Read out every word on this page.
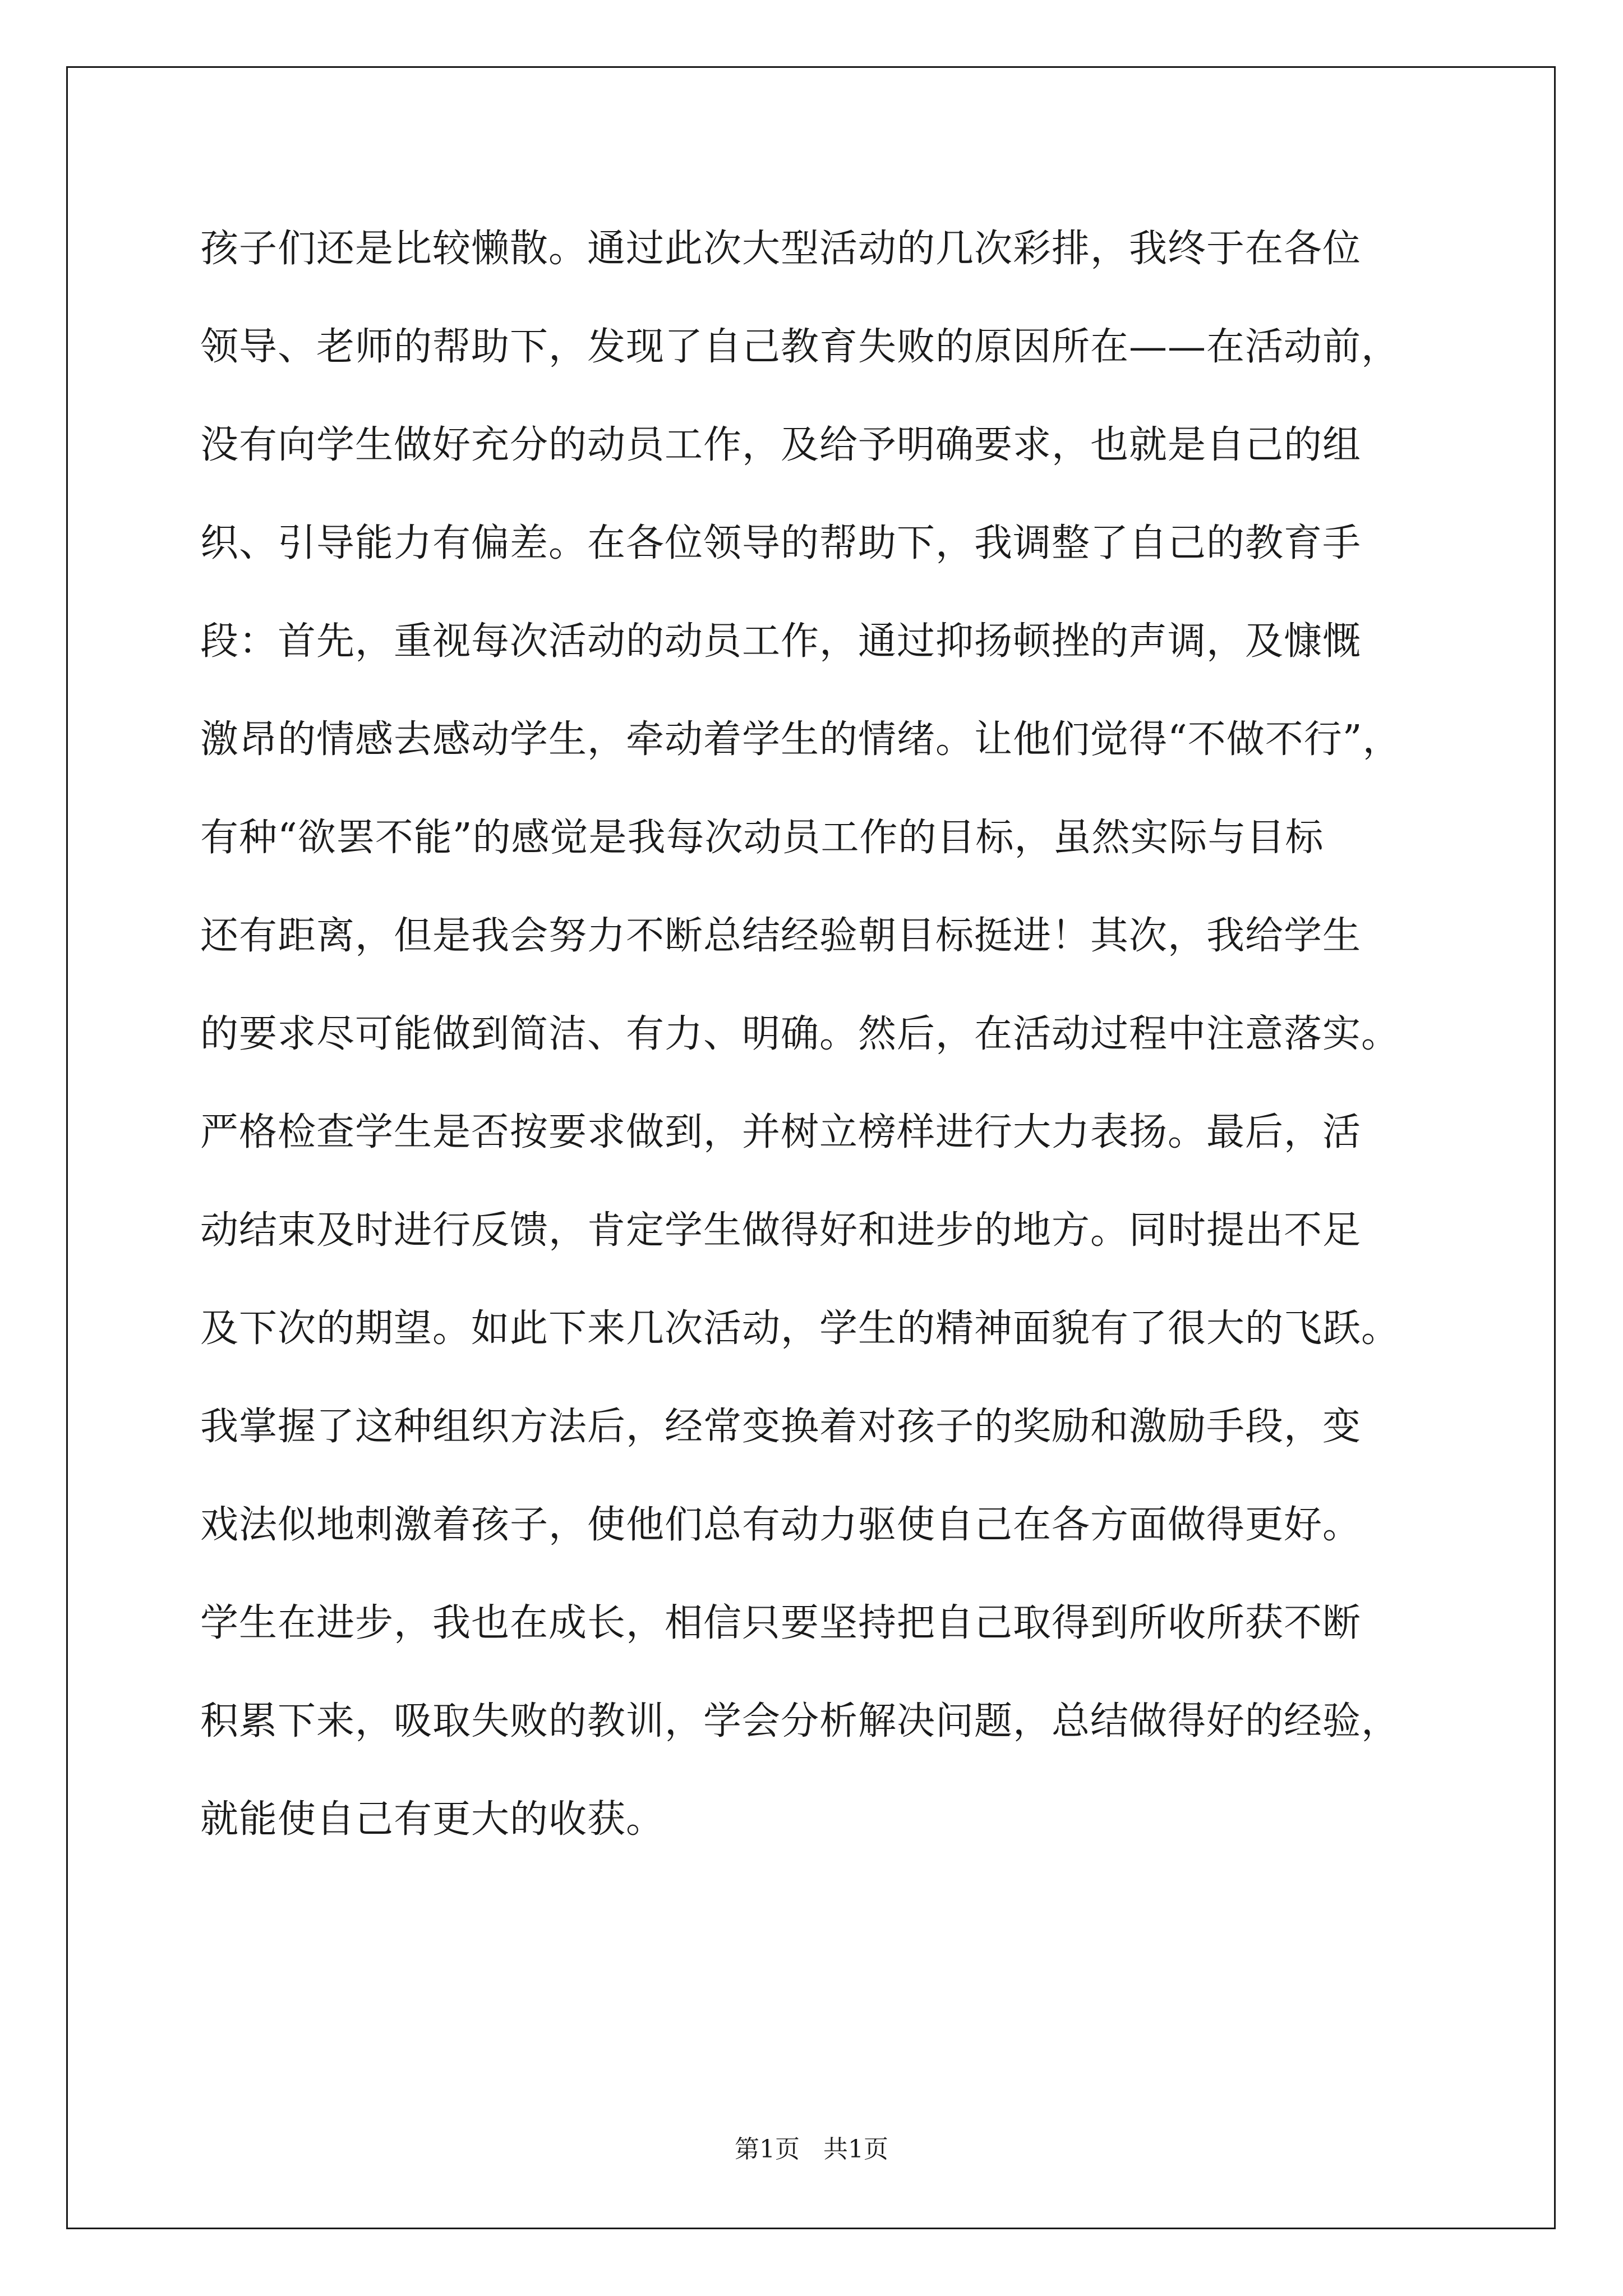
孩子们还是比较懒散。通过此次大型活动的几次彩排，我终于在各位
领导、老师的帮助下，发现了自己教育失败的原因所在——在活动前，
没有向学生做好充分的动员工作，及给予明确要求，也就是自己的组
织、引导能力有偏差。在各位领导的帮助下，我调整了自己的教育手
段：首先，重视每次活动的动员工作，通过抑扬顿挫的声调，及慷慨
激昂的情感去感动学生，牵动着学生的情绪。让他们觉得“不做不行”，
有种“欲罢不能”的感觉是我每次动员工作的目标，虽然实际与目标
还有距离，但是我会努力不断总结经验朝目标挺进！其次，我给学生
的要求尽可能做到简洁、有力、明确。然后，在活动过程中注意落实。
严格检查学生是否按要求做到，并树立榜样进行大力表扬。最后，活
动结束及时进行反馈，肯定学生做得好和进步的地方。同时提出不足
及下次的期望。如此下来几次活动，学生的精神面貌有了很大的飞跃。
我掌握了这种组织方法后，经常变换着对孩子的奖励和激励手段，变
戏法似地刺激着孩子，使他们总有动力驱使自己在各方面做得更好。
学生在进步，我也在成长，相信只要坚持把自己取得到所收所获不断
积累下来，吸取失败的教训，学会分析解决问题，总结做得好的经验，
就能使自己有更大的收获。
第1页   共1页
